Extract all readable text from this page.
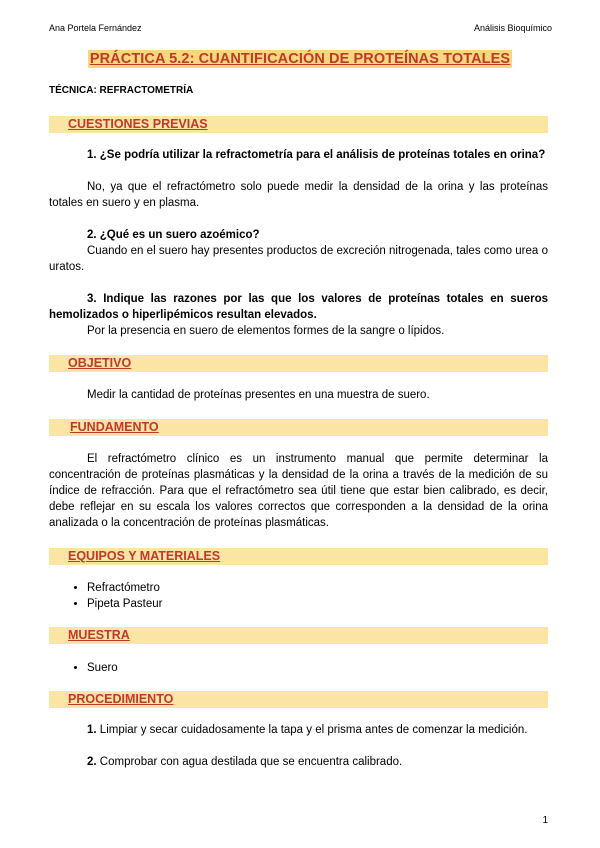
Ana Portela Fernández	Análisis Bioquímico
PRÁCTICA 5.2: CUANTIFICACIÓN DE PROTEÍNAS TOTALES
TÉCNICA: REFRACTOMETRÍA
CUESTIONES PREVIAS

1. ¿Se podría utilizar la refractometría para el análisis de proteínas totales en orina?

No, ya que el refractómetro solo puede medir la densidad de la orina y las proteínas totales en suero y en plasma.

2. ¿Qué es un suero azoémico?

Cuando en el suero hay presentes productos de excreción nitrogenada, tales como urea o uratos.

3. Indique las razones por las que los valores de proteínas totales en sueros hemolizados o hiperlipémicos resultan elevados.

Por la presencia en suero de elementos formes de la sangre o lípidos.

OBJETIVO

Medir la cantidad de proteínas presentes en una muestra de suero.

FUNDAMENTO

El refractómetro clínico es un instrumento manual que permite determinar la concentración de proteínas plasmáticas y la densidad de la orina a través de la medición de su índice de refracción. Para que el refractómetro sea útil tiene que estar bien calibrado, es decir, debe reflejar en su escala los valores correctos que corresponden a la densidad de la orina analizada o la concentración de proteínas plasmáticas.

EQUIPOS Y MATERIALES
• Refractómetro
• Pipeta Pasteur
MUESTRA
• Suero
PROCEDIMIENTO
1. Limpiar y secar cuidadosamente la tapa y el prisma antes de comenzar la medición.
2. Comprobar con agua destilada que se encuentra calibrado.
1
